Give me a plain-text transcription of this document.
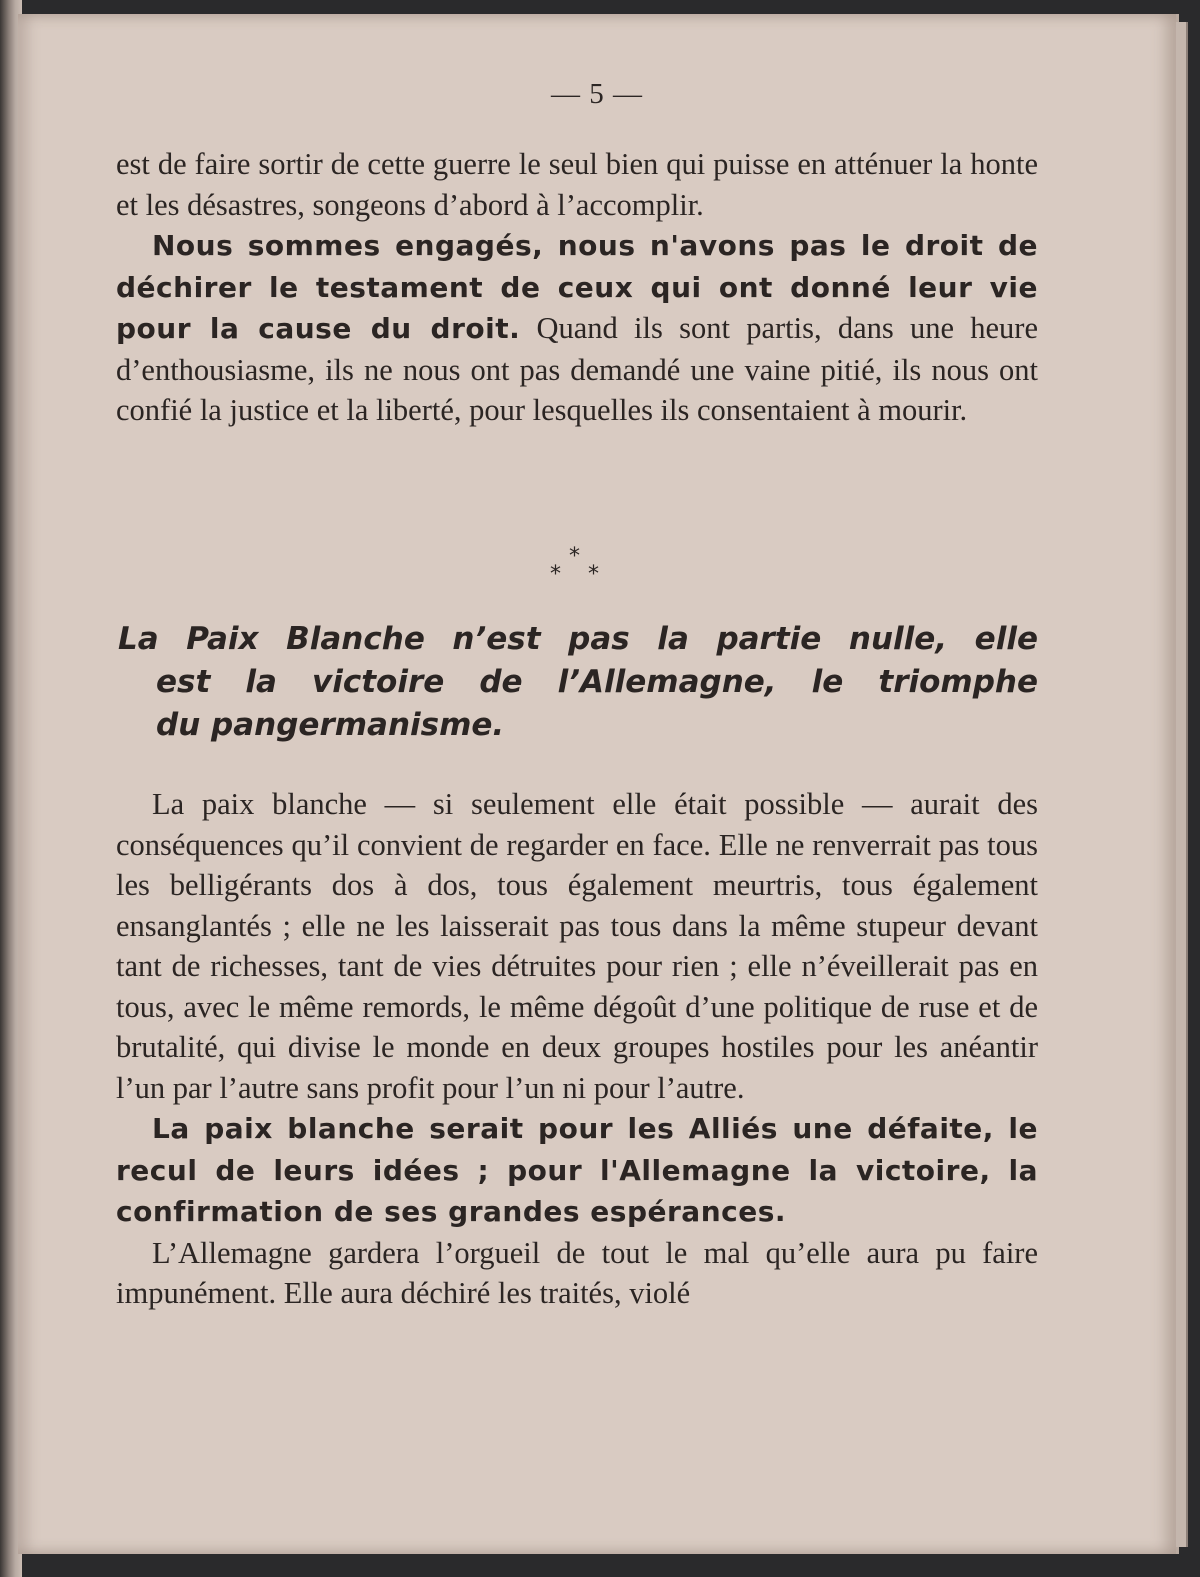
— 5 —

est de faire sortir de cette guerre le seul bien qui puisse en atténuer la honte et les désastres, songeons d’abord à l’accomplir.

Nous sommes engagés, nous n'avons pas le droit de déchirer le testament de ceux qui ont donné leur vie pour la cause du droit. Quand ils sont partis, dans une heure d’enthousiasme, ils ne nous ont pas demandé une vaine pitié, ils nous ont confié la justice et la liberté, pour lesquelles ils consentaient à mourir.

*
* *
La Paix Blanche n’est pas la partie nulle, elle
est la victoire de l’Allemagne, le triomphe
du pangermanisme.

La paix blanche — si seulement elle était possible — aurait des conséquences qu’il convient de regarder en face. Elle ne renverrait pas tous les belligérants dos à dos, tous également meurtris, tous également ensanglantés ; elle ne les laisserait pas tous dans la même stupeur devant tant de richesses, tant de vies détruites pour rien ; elle n’éveillerait pas en tous, avec le même remords, le même dégoût d’une politique de ruse et de brutalité, qui divise le monde en deux groupes hostiles pour les anéantir l’un par l’autre sans profit pour l’un ni pour l’autre.

La paix blanche serait pour les Alliés une défaite, le recul de leurs idées ; pour l'Allemagne la victoire, la confirmation de ses grandes espérances.

L’Allemagne gardera l’orgueil de tout le mal qu’elle aura pu faire impunément. Elle aura déchiré les traités, violé
